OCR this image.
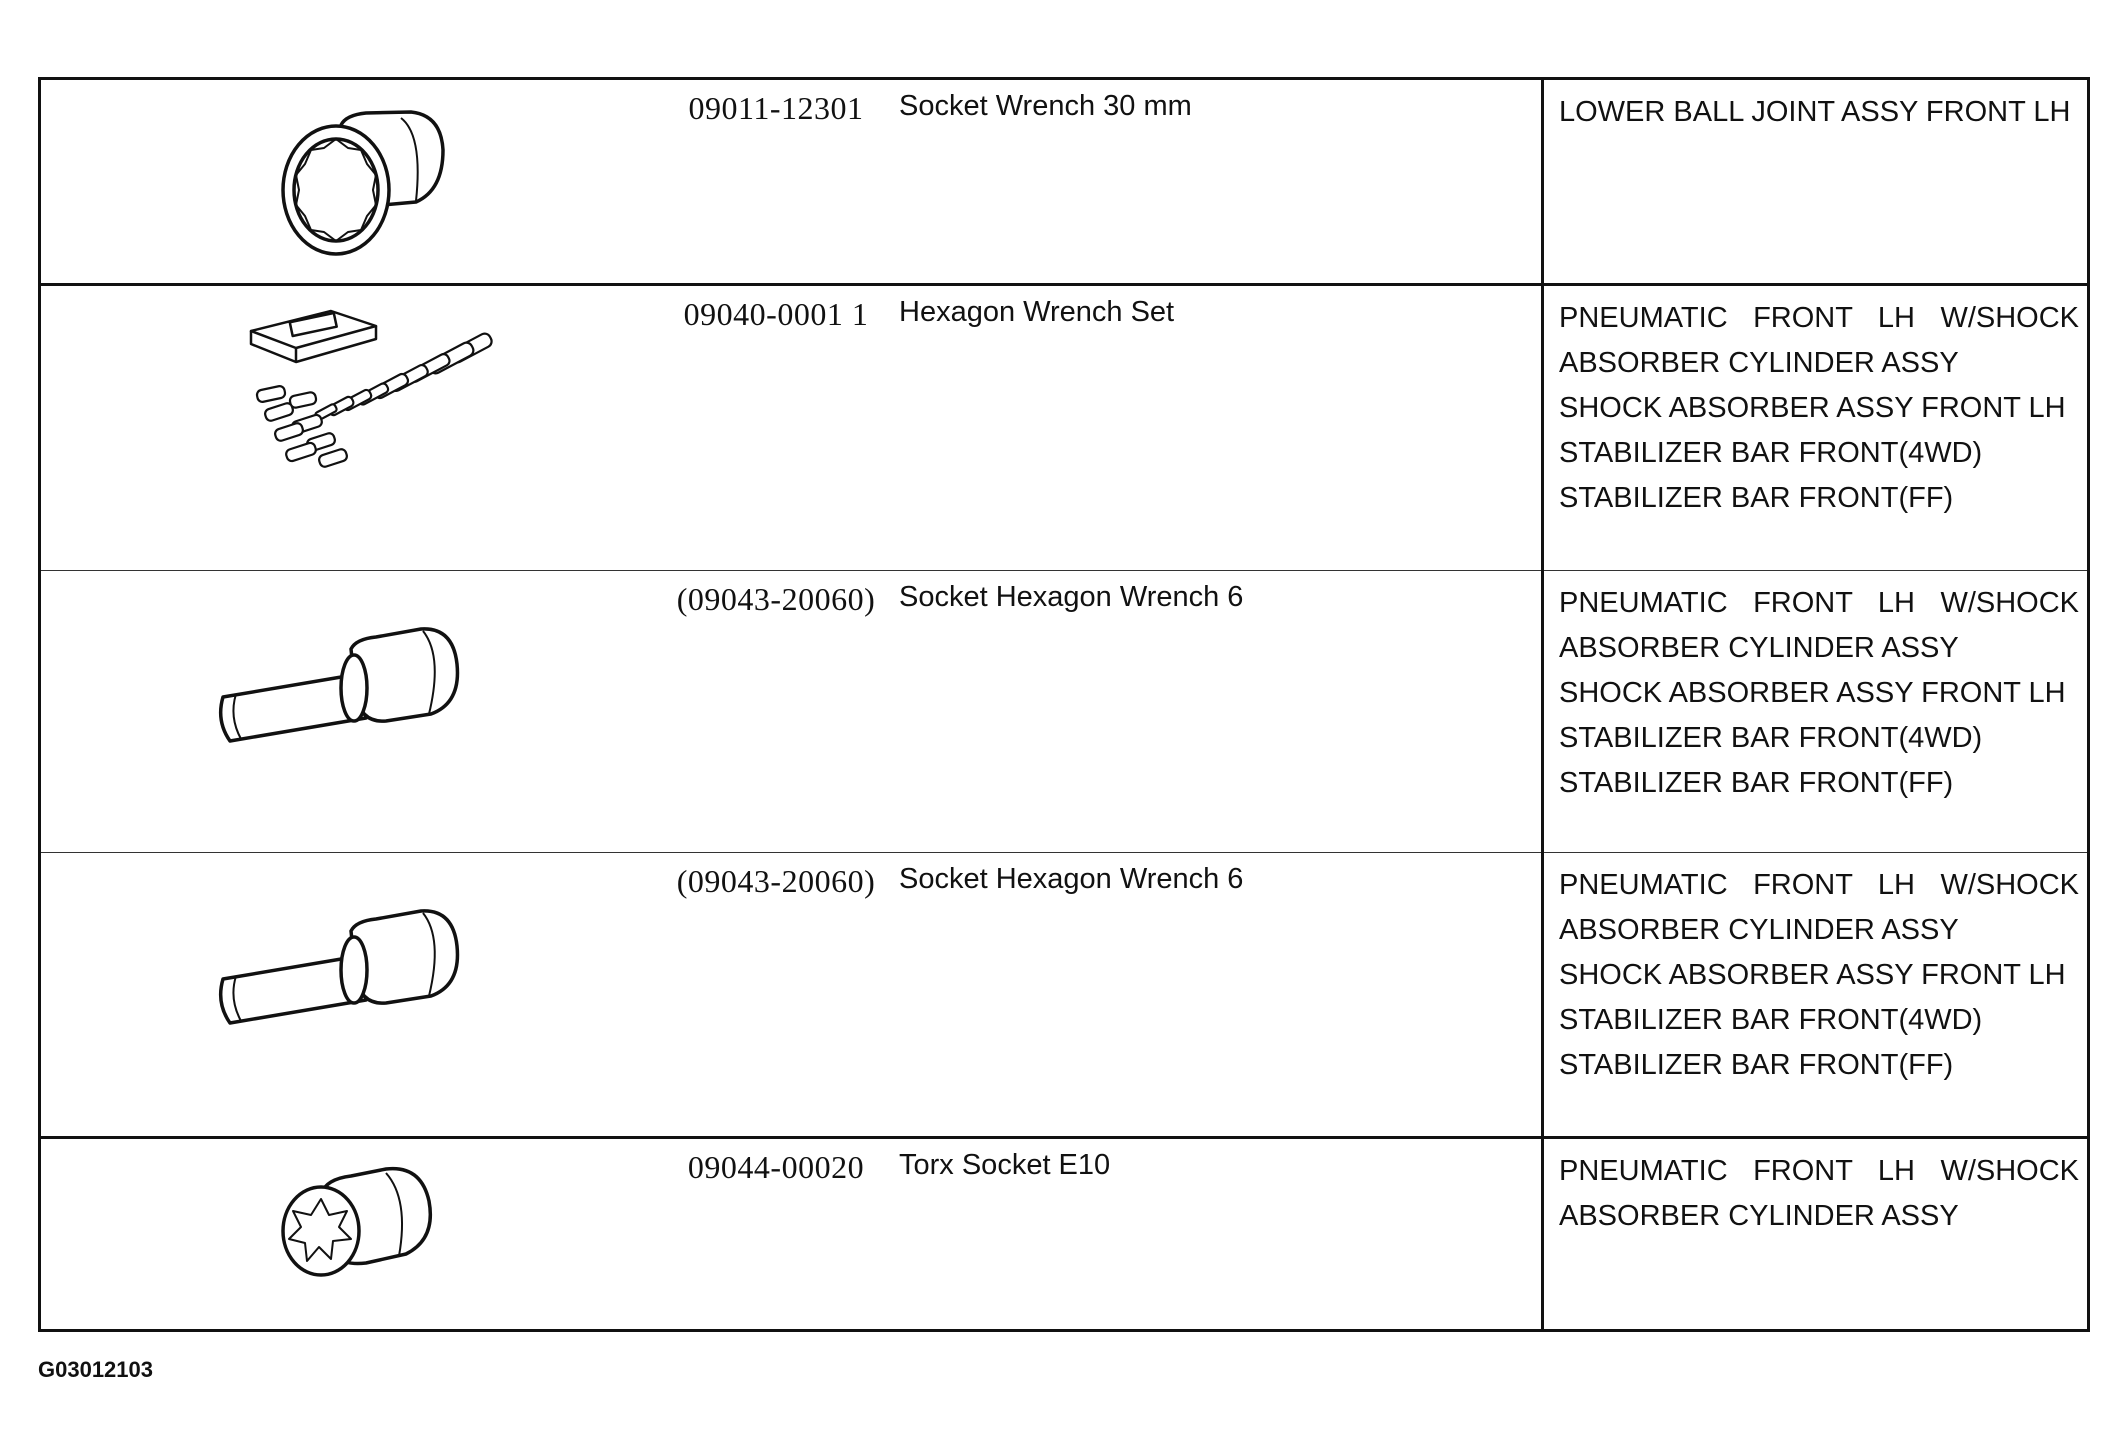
09011-12301	Socket Wrench 30 mm	LOWER BALL JOINT ASSY FRONT LH
09040-0001 1	Hexagon Wrench Set	PNEUMATIC FRONT LH W/SHOCK ABSORBER CYLINDER ASSY
SHOCK ABSORBER ASSY FRONT LH
STABILIZER BAR FRONT(4WD)
STABILIZER BAR FRONT(FF)
(09043-20060) Socket Hexagon Wrench 6	PNEUMATIC FRONT LH W/SHOCK ABSORBER CYLINDER ASSY
SHOCK ABSORBER ASSY FRONT LH
STABILIZER BAR FRONT(4WD)
STABILIZER BAR FRONT(FF)
(09043-20060) Socket Hexagon Wrench 6	PNEUMATIC FRONT LH W/SHOCK ABSORBER CYLINDER ASSY
SHOCK ABSORBER ASSY FRONT LH
STABILIZER BAR FRONT(4WD)
STABILIZER BAR FRONT(FF)
09044-00020	Torx Socket E10	PNEUMATIC FRONT LH W/SHOCK ABSORBER CYLINDER ASSY
G03012103
